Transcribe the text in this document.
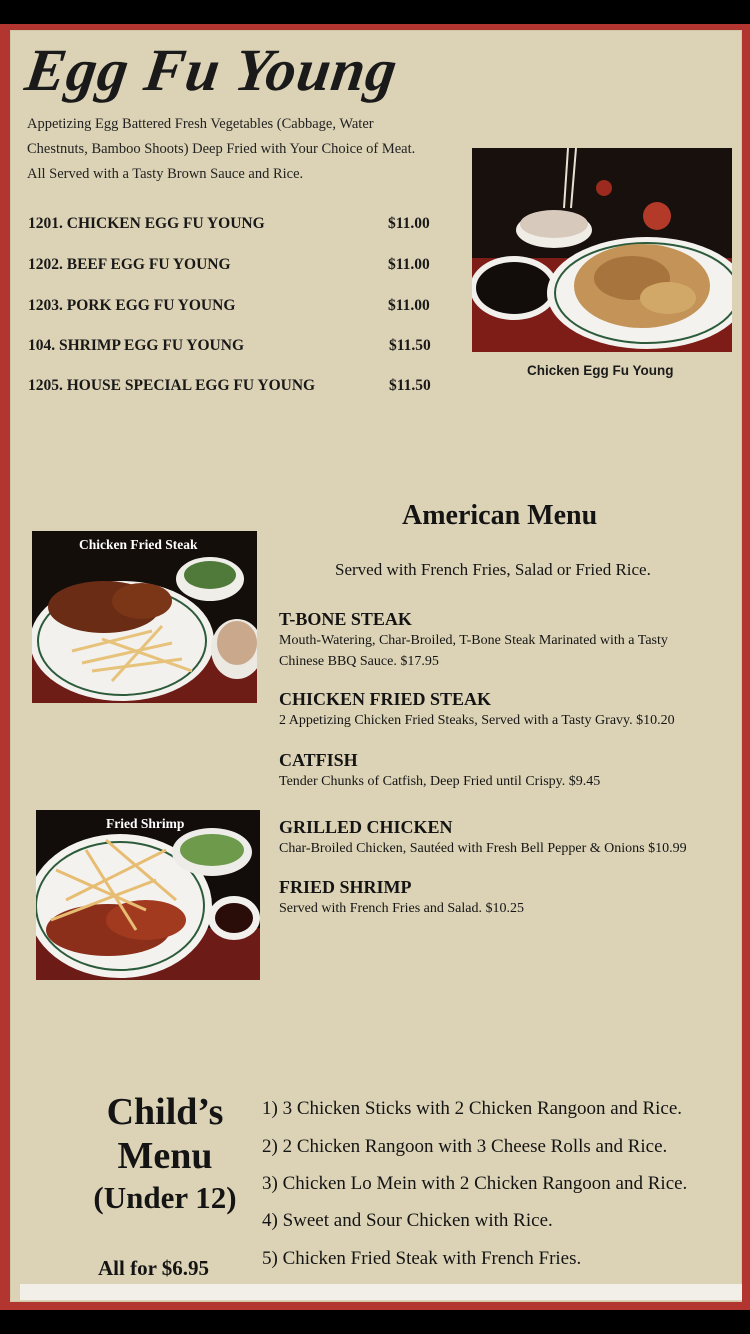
Egg Fu Young
Appetizing Egg Battered Fresh Vegetables (Cabbage, Water
Chestnuts, Bamboo Shoots) Deep Fried with Your Choice of Meat.
All Served with a Tasty Brown Sauce and Rice.
1201. CHICKEN EGG FU YOUNG	$11.00
1202. BEEF EGG FU YOUNG	$11.00
1203. PORK EGG FU YOUNG	$11.00
104. SHRIMP EGG FU YOUNG	$11.50
1205. HOUSE SPECIAL EGG FU YOUNG	$11.50
Chicken Egg Fu Young
American Menu
Served with French Fries, Salad or Fried Rice.
Chicken Fried Steak
Fried Shrimp
T-BONE STEAK
Mouth-Watering, Char-Broiled, T-Bone Steak Marinated with a Tasty
Chinese BBQ Sauce. $17.95
CHICKEN FRIED STEAK
2 Appetizing Chicken Fried Steaks, Served with a Tasty Gravy. $10.20
CATFISH
Tender Chunks of Catfish, Deep Fried until Crispy. $9.45
GRILLED CHICKEN
Char-Broiled Chicken, Sautéed with Fresh Bell Pepper & Onions $10.99
FRIED SHRIMP
Served with French Fries and Salad. $10.25
Child’s
Menu
(Under 12)
All for $6.95
1) 3 Chicken Sticks with 2 Chicken Rangoon and Rice.
2) 2 Chicken Rangoon with 3 Cheese Rolls and Rice.
3) Chicken Lo Mein with 2 Chicken Rangoon and Rice.
4) Sweet and Sour Chicken with Rice.
5) Chicken Fried Steak with French Fries.
